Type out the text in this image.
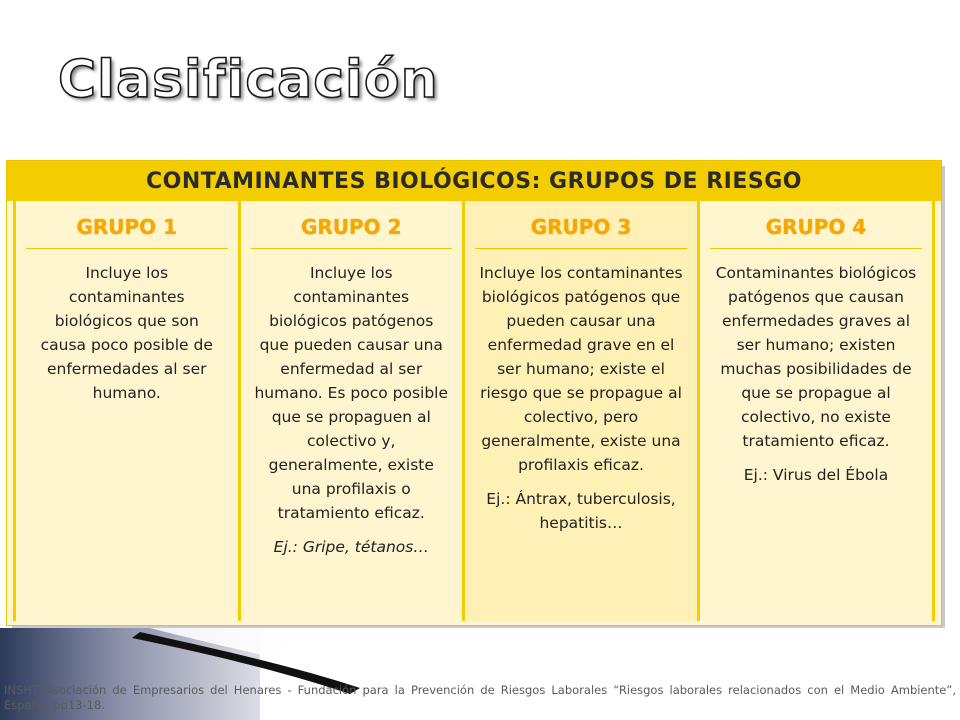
Clasificación
CONTAMINANTES BIOLÓGICOS: GRUPOS DE RIESGO
GRUPO 1
Incluye los contaminantes biológicos que son causa poco posible de enfermedades al ser humano.
GRUPO 2
Incluye los contaminantes biológicos patógenos que pueden causar una enfermedad al ser humano. Es poco posible que se propaguen al colectivo y, generalmente, existe una profilaxis o tratamiento eficaz.
Ej.: Gripe, tétanos…
GRUPO 3
Incluye los contaminantes biológicos patógenos que pueden causar una enfermedad grave en el ser humano; existe el riesgo que se propague al colectivo, pero generalmente, existe una profilaxis eficaz.
Ej.: Ántrax, tuberculosis, hepatitis…
GRUPO 4
Contaminantes biológicos patógenos que causan enfermedades graves al ser humano; existen muchas posibilidades de que se propague al colectivo, no existe tratamiento eficaz.
Ej.: Virus del Ébola
INSHT Asociación de Empresarios del Henares - Fundación para la Prevención de Riesgos Laborales “Riesgos laborales relacionados con el Medio Ambiente”, España. pp13-18.
